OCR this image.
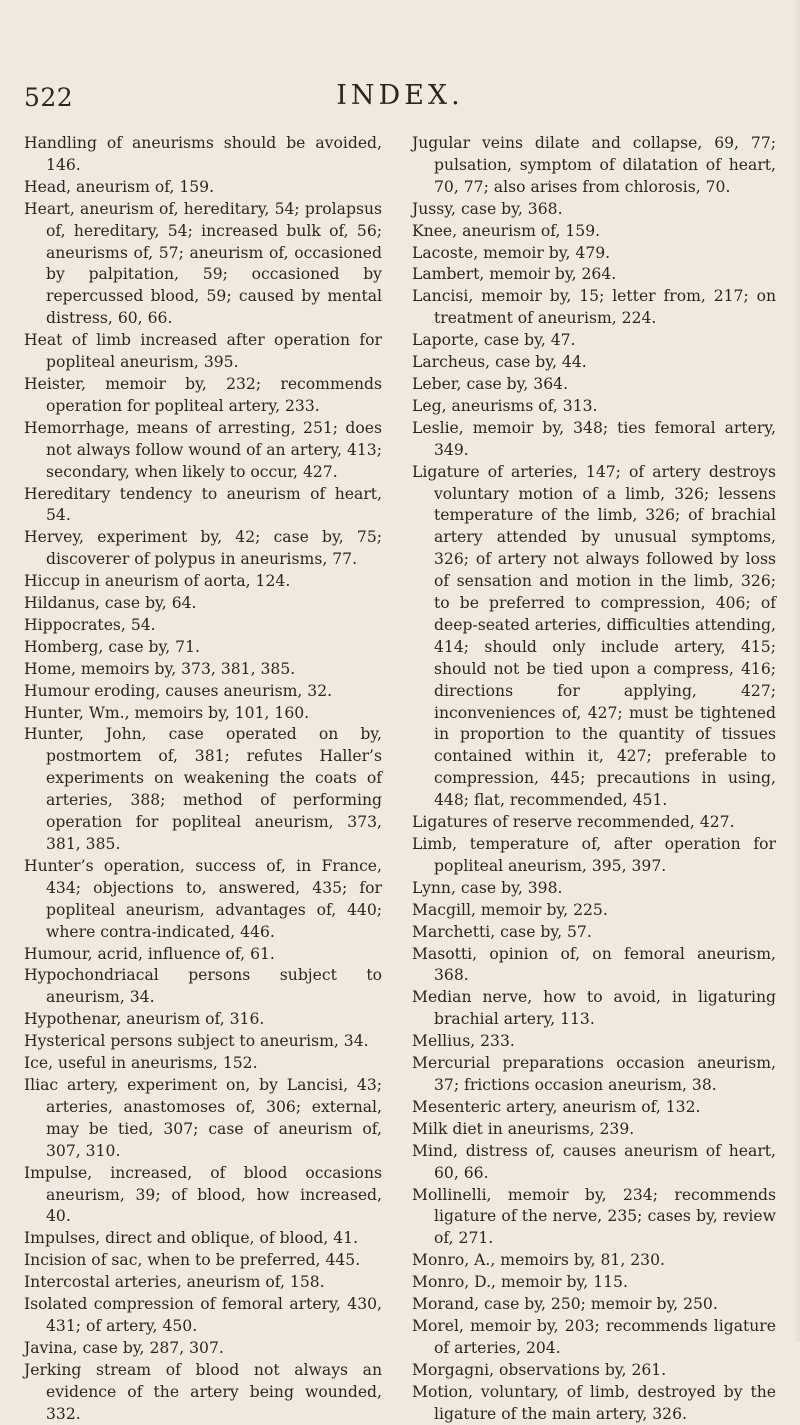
522	INDEX.

Handling of aneurisms should be avoided, 146.

Head, aneurism of, 159.

Heart, aneurism of, hereditary, 54; prolapsus of, hereditary, 54; increased bulk of, 56; aneurisms of, 57; aneurism of, occasioned by palpitation, 59; occasioned by repercussed blood, 59; caused by mental distress, 60, 66.

Heat of limb increased after operation for popliteal aneurism, 395.

Heister, memoir by, 232; recommends operation for popliteal artery, 233.

Hemorrhage, means of arresting, 251; does not always follow wound of an artery, 413; secondary, when likely to occur, 427.

Hereditary tendency to aneurism of heart, 54.

Hervey, experiment by, 42; case by, 75; discoverer of polypus in aneurisms, 77.

Hiccup in aneurism of aorta, 124.

Hildanus, case by, 64.

Hippocrates, 54.

Homberg, case by, 71.

Home, memoirs by, 373, 381, 385.

Humour eroding, causes aneurism, 32.

Hunter, Wm., memoirs by, 101, 160.

Hunter, John, case operated on by, postmortem of, 381; refutes Haller’s experiments on weakening the coats of arteries, 388; method of performing operation for popliteal aneurism, 373, 381, 385.

Hunter’s operation, success of, in France, 434; objections to, answered, 435; for popliteal aneurism, advantages of, 440; where contra-indicated, 446.

Humour, acrid, influence of, 61.

Hypochondriacal persons subject to aneurism, 34.

Hypothenar, aneurism of, 316.

Hysterical persons subject to aneurism, 34.

Ice, useful in aneurisms, 152.

Iliac artery, experiment on, by Lancisi, 43; arteries, anastomoses of, 306; external, may be tied, 307; case of aneurism of, 307, 310.

Impulse, increased, of blood occasions aneurism, 39; of blood, how increased, 40.

Impulses, direct and oblique, of blood, 41.

Incision of sac, when to be preferred, 445.

Intercostal arteries, aneurism of, 158.

Isolated compression of femoral artery, 430, 431; of artery, 450.

Javina, case by, 287, 307.

Jerking stream of blood not always an evidence of the artery being wounded, 332.

Jugular veins dilate and collapse, 69, 77; pulsation, symptom of dilatation of heart, 70, 77; also arises from chlorosis, 70.

Jussy, case by, 368.

Knee, aneurism of, 159.

Lacoste, memoir by, 479.

Lambert, memoir by, 264.

Lancisi, memoir by, 15; letter from, 217; on treatment of aneurism, 224.

Laporte, case by, 47.

Larcheus, case by, 44.

Leber, case by, 364.

Leg, aneurisms of, 313.

Leslie, memoir by, 348; ties femoral artery, 349.

Ligature of arteries, 147; of artery destroys voluntary motion of a limb, 326; lessens temperature of the limb, 326; of brachial artery attended by unusual symptoms, 326; of artery not always followed by loss of sensation and motion in the limb, 326; to be preferred to compression, 406; of deep-seated arteries, difficulties attending, 414; should only include artery, 415; should not be tied upon a compress, 416; directions for applying, 427; inconveniences of, 427; must be tightened in proportion to the quantity of tissues contained within it, 427; preferable to compression, 445; precautions in using, 448; flat, recommended, 451.

Ligatures of reserve recommended, 427.

Limb, temperature of, after operation for popliteal aneurism, 395, 397.

Lynn, case by, 398.

Macgill, memoir by, 225.

Marchetti, case by, 57.

Masotti, opinion of, on femoral aneurism, 368.

Median nerve, how to avoid, in ligaturing brachial artery, 113.

Mellius, 233.

Mercurial preparations occasion aneurism, 37; frictions occasion aneurism, 38.

Mesenteric artery, aneurism of, 132.

Milk diet in aneurisms, 239.

Mind, distress of, causes aneurism of heart, 60, 66.

Mollinelli, memoir by, 234; recommends ligature of the nerve, 235; cases by, review of, 271.

Monro, A., memoirs by, 81, 230.

Monro, D., memoir by, 115.

Morand, case by, 250; memoir by, 250.

Morel, memoir by, 203; recommends ligature of arteries, 204.

Morgagni, observations by, 261.

Motion, voluntary, of limb, destroyed by the ligature of the main artery, 326.
